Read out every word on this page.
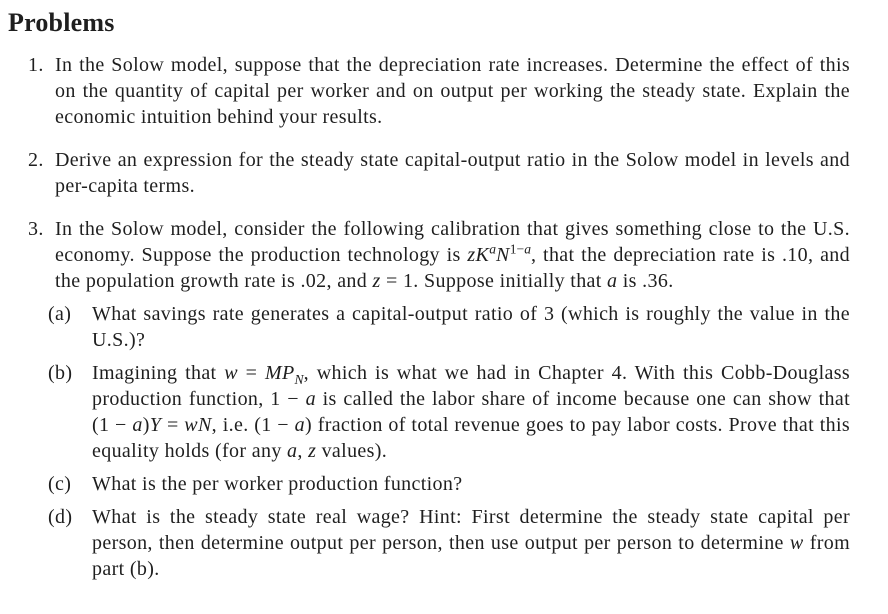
Problems
1. In the Solow model, suppose that the depreciation rate increases. Determine the effect of this on the quantity of capital per worker and on output per working the steady state. Explain the economic intuition behind your results.
2. Derive an expression for the steady state capital-output ratio in the Solow model in levels and per-capita terms.
3. In the Solow model, consider the following calibration that gives something close to the U.S. economy. Suppose the production technology is $zK^aN^{1-a}$, that the depreciation rate is .10, and the population growth rate is .02, and z = 1. Suppose initially that a is .36.
(a)	What savings rate generates a capital-output ratio of 3 (which is roughly the value in the U.S.)?
(b) Imagining that $w = MP_N$, which is what we had in Chapter 4. With this Cobb-Douglass production function, 1 − a is called the labor share of income because one can show that (1 − a)Y = wN, i.e. (1 − a) fraction of total revenue goes to pay labor costs. Prove that this equality holds (for any a, z values).
(c)	What is the per worker production function?
(d) What is the steady state real wage? Hint: First determine the steady state capital per person, then determine output per person, then use output per person to determine w from part (b).
